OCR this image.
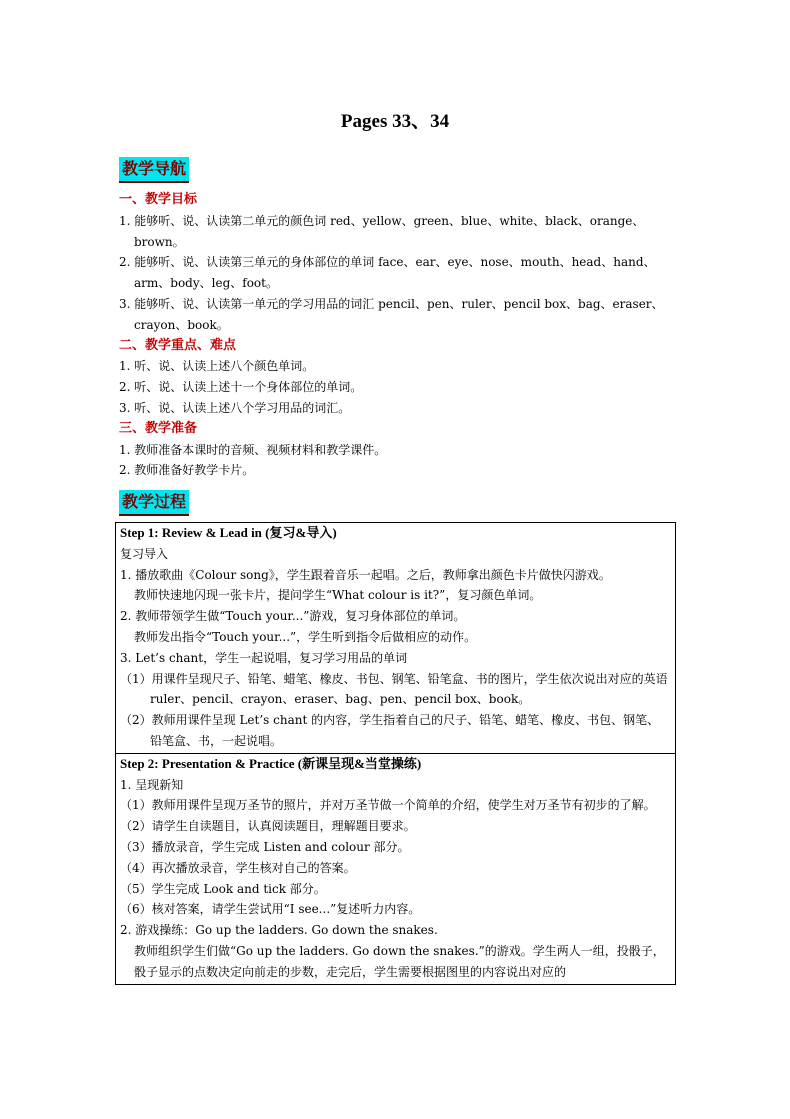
Pages 33、34
教学导航
一、教学目标
1. 能够听、说、认读第二单元的颜色词 red、yellow、green、blue、white、black、orange、brown。
2. 能够听、说、认读第三单元的身体部位的单词 face、ear、eye、nose、mouth、head、hand、arm、body、leg、foot。
3. 能够听、说、认读第一单元的学习用品的词汇 pencil、pen、ruler、pencil box、bag、eraser、crayon、book。
二、教学重点、难点
1. 听、说、认读上述八个颜色单词。
2. 听、说、认读上述十一个身体部位的单词。
3. 听、说、认读上述八个学习用品的词汇。
三、教学准备
1. 教师准备本课时的音频、视频材料和教学课件。
2. 教师准备好教学卡片。
教学过程
Step 1: Review & Lead in (复习&导入)
复习导入
1. 播放歌曲《Colour song》，学生跟着音乐一起唱。之后，教师拿出颜色卡片做快闪游戏。
教师快速地闪现一张卡片，提问学生“What colour is it?”，复习颜色单词。
2. 教师带领学生做“Touch your...”游戏，复习身体部位的单词。
教师发出指令“Touch your...”，学生听到指令后做相应的动作。
3. Let’s chant，学生一起说唱，复习学习用品的单词
（1）用课件呈现尺子、铅笔、蜡笔、橡皮、书包、钢笔、铅笔盒、书的图片，学生依次说出对应的英语 ruler、pencil、crayon、eraser、bag、pen、pencil box、book。
（2）教师用课件呈现 Let’s chant 的内容，学生指着自己的尺子、铅笔、蜡笔、橡皮、书包、钢笔、铅笔盒、书，一起说唱。

Step 2: Presentation & Practice (新课呈现&当堂操练)
1. 呈现新知
（1）教师用课件呈现万圣节的照片，并对万圣节做一个简单的介绍，使学生对万圣节有初步的了解。
（2）请学生自读题目，认真阅读题目，理解题目要求。
（3）播放录音，学生完成 Listen and colour 部分。
（4）再次播放录音，学生核对自己的答案。
（5）学生完成 Look and tick 部分。
（6）核对答案，请学生尝试用“I see...”复述听力内容。
2. 游戏操练：Go up the ladders. Go down the snakes.
教师组织学生们做“Go up the ladders. Go down the snakes.”的游戏。学生两人一组，投骰子，骰子显示的点数决定向前走的步数，走完后，学生需要根据图里的内容说出对应的
